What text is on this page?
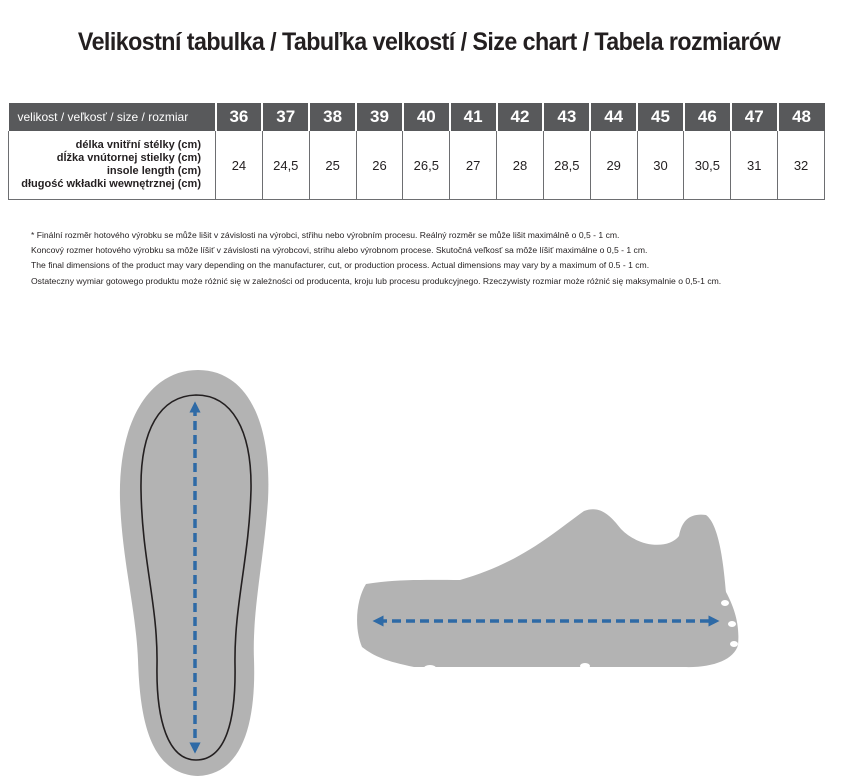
Velikostní tabulka / Tabuľka velkostí / Size chart / Tabela rozmiarów
velikost / veľkosť / size / rozmiar	36	37	38	39	40	41	42	43	44	45	46	47	48

délka vnitřní stélky (cm)
dĺžka vnútornej stielky (cm)
insole length (cm)
długość wkładki wewnętrznej (cm)	24	24,5	25	26	26,5	27	28	28,5	29	30	30,5	31	32
* Finální rozměr hotového výrobku se může lišit v závislosti na výrobci, střihu nebo výrobním procesu. Reálný rozměr se může lišit maximálně o 0,5 - 1 cm.
Koncový rozmer hotového výrobku sa môže líšiť v závislosti na výrobcovi, strihu alebo výrobnom procese. Skutočná veľkosť sa môže líšiť maximálne o 0,5 - 1 cm.
The final dimensions of the product may vary depending on the manufacturer, cut, or production process. Actual dimensions may vary by a maximum of 0.5 - 1 cm.
Ostateczny wymiar gotowego produktu może różnić się w zależności od producenta, kroju lub procesu produkcyjnego. Rzeczywisty rozmiar może różnić się maksymalnie o 0,5-1 cm.
